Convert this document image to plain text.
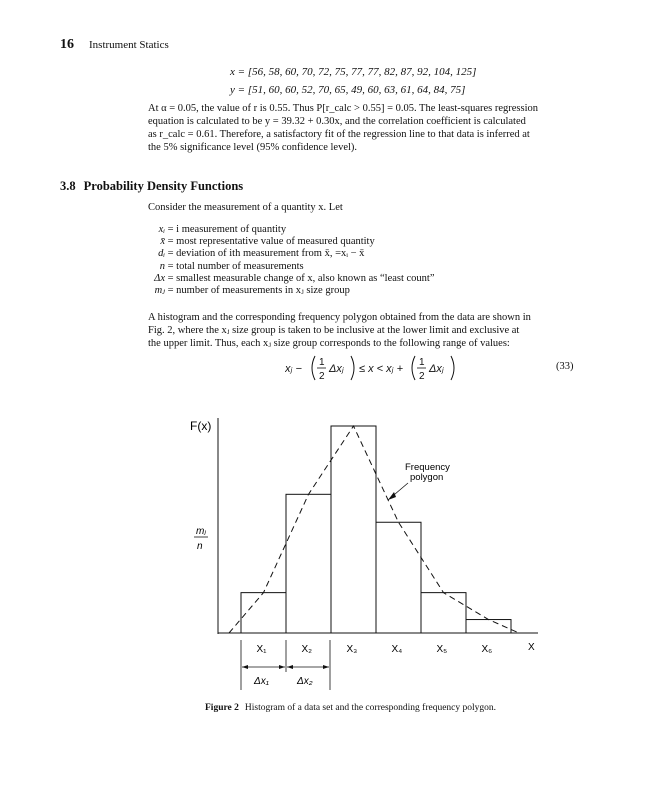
16 Instrument Statics
x = [56, 58, 60, 70, 72, 75, 77, 77, 82, 87, 92, 104, 125]
y = [51, 60, 60, 52, 70, 65, 49, 60, 63, 61, 64, 84, 75]
At α = 0.05, the value of r is 0.55. Thus P[r_calc > 0.55] = 0.05. The least-squares regression
equation is calculated to be y = 39.32 + 0.30x, and the correlation coefficient is calculated
as r_calc = 0.61. Therefore, a satisfactory fit of the regression line to that data is inferred at
the 5% significance level (95% confidence level).
3.8 Probability Density Functions
Consider the measurement of a quantity x. Let
xᵢ = i measurement of quantity
x̄ = most representative value of measured quantity
dᵢ = deviation of ith measurement from x̄, =xᵢ − x̄
n = total number of measurements
Δx = smallest measurable change of x, also known as “least count”
mⱼ = number of measurements in xⱼ size group
A histogram and the corresponding frequency polygon obtained from the data are shown in
Fig. 2, where the xⱼ size group is taken to be inclusive at the lower limit and exclusive at
the upper limit. Thus, each xⱼ size group corresponds to the following range of values:
xⱼ −
1
2
Δxⱼ ≤ x < xⱼ +
1
2
Δxⱼ	(33)
F(x)
mⱼ
n
X
X₁	X₂	X₃	X₄	X₅	X₆
Frequency
polygon
Δx₁	Δx₂
Figure 2 Histogram of a data set and the corresponding frequency polygon.
